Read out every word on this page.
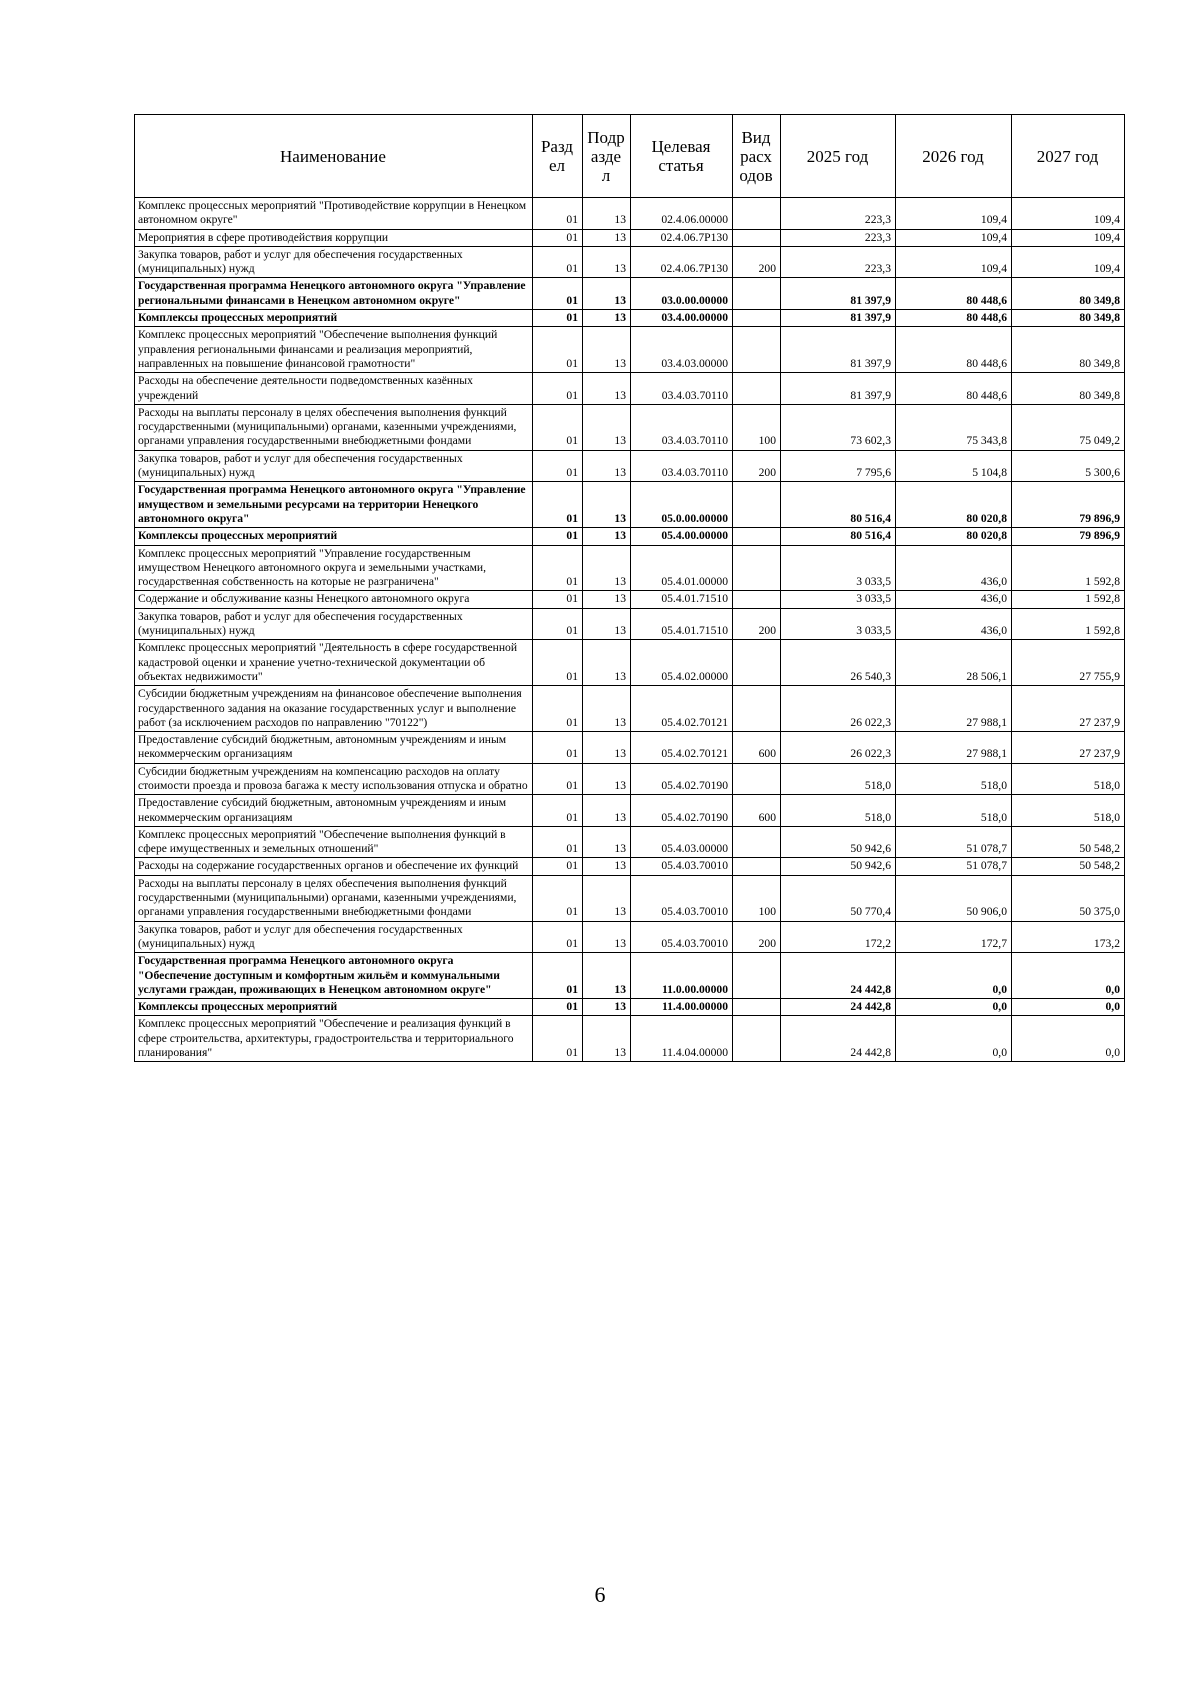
Наименование	Разд ел	Подр азде л	Целевая статья	Вид расх одов	2025 год	2026 год	2027 год
Комплекс процессных мероприятий "Противодействие коррупции в Ненецком автономном округе"	01	13	02.4.06.00000		223,3	109,4	109,4
Мероприятия в сфере противодействия коррупции	01	13	02.4.06.7Р130		223,3	109,4	109,4
Закупка товаров, работ и услуг для обеспечения государственных (муниципальных) нужд	01	13	02.4.06.7Р130	200	223,3	109,4	109,4
Государственная программа Ненецкого автономного округа "Управление региональными финансами в Ненецком автономном округе"	01	13	03.0.00.00000		81 397,9	80 448,6	80 349,8
Комплексы процессных мероприятий	01	13	03.4.00.00000		81 397,9	80 448,6	80 349,8
Комплекс процессных мероприятий "Обеспечение выполнения функций управления региональными финансами и реализация мероприятий, направленных на повышение финансовой грамотности"	01	13	03.4.03.00000		81 397,9	80 448,6	80 349,8
Расходы на обеспечение деятельности подведомственных казённых учреждений	01	13	03.4.03.70110		81 397,9	80 448,6	80 349,8
Расходы на выплаты персоналу в целях обеспечения выполнения функций государственными (муниципальными) органами, казенными учреждениями, органами управления государственными внебюджетными фондами	01	13	03.4.03.70110	100	73 602,3	75 343,8	75 049,2
Закупка товаров, работ и услуг для обеспечения государственных (муниципальных) нужд	01	13	03.4.03.70110	200	7 795,6	5 104,8	5 300,6
Государственная программа Ненецкого автономного округа "Управление имуществом и земельными ресурсами на территории Ненецкого автономного округа"	01	13	05.0.00.00000		80 516,4	80 020,8	79 896,9
Комплексы процессных мероприятий	01	13	05.4.00.00000		80 516,4	80 020,8	79 896,9
Комплекс процессных мероприятий "Управление государственным имуществом Ненецкого автономного округа и земельными участками, государственная собственность на которые не разграничена"	01	13	05.4.01.00000		3 033,5	436,0	1 592,8
Содержание и обслуживание казны Ненецкого автономного округа	01	13	05.4.01.71510		3 033,5	436,0	1 592,8
Закупка товаров, работ и услуг для обеспечения государственных (муниципальных) нужд	01	13	05.4.01.71510	200	3 033,5	436,0	1 592,8
Комплекс процессных мероприятий "Деятельность в сфере государственной кадастровой оценки и хранение учетно-технической документации об объектах недвижимости"	01	13	05.4.02.00000		26 540,3	28 506,1	27 755,9
Субсидии бюджетным учреждениям на финансовое обеспечение выполнения государственного задания на оказание государственных услуг и выполнение работ (за исключением расходов по направлению "70122")	01	13	05.4.02.70121		26 022,3	27 988,1	27 237,9
Предоставление субсидий бюджетным, автономным учреждениям и иным некоммерческим организациям	01	13	05.4.02.70121	600	26 022,3	27 988,1	27 237,9
Субсидии бюджетным учреждениям на компенсацию расходов на оплату стоимости проезда и провоза багажа к месту использования отпуска и обратно	01	13	05.4.02.70190		518,0	518,0	518,0
Предоставление субсидий бюджетным, автономным учреждениям и иным некоммерческим организациям	01	13	05.4.02.70190	600	518,0	518,0	518,0
Комплекс процессных мероприятий "Обеспечение выполнения функций в сфере имущественных и земельных отношений"	01	13	05.4.03.00000		50 942,6	51 078,7	50 548,2
Расходы на содержание государственных органов и обеспечение их функций	01	13	05.4.03.70010		50 942,6	51 078,7	50 548,2
Расходы на выплаты персоналу в целях обеспечения выполнения функций государственными (муниципальными) органами, казенными учреждениями, органами управления государственными внебюджетными фондами	01	13	05.4.03.70010	100	50 770,4	50 906,0	50 375,0
Закупка товаров, работ и услуг для обеспечения государственных (муниципальных) нужд	01	13	05.4.03.70010	200	172,2	172,7	173,2
Государственная программа Ненецкого автономного округа "Обеспечение доступным и комфортным жильём и коммунальными услугами граждан, проживающих в Ненецком автономном округе"	01	13	11.0.00.00000		24 442,8	0,0	0,0
Комплексы процессных мероприятий	01	13	11.4.00.00000		24 442,8	0,0	0,0
Комплекс процессных мероприятий "Обеспечение и реализация функций в сфере строительства, архитектуры, градостроительства и территориального планирования"	01	13	11.4.04.00000		24 442,8	0,0	0,0
6
